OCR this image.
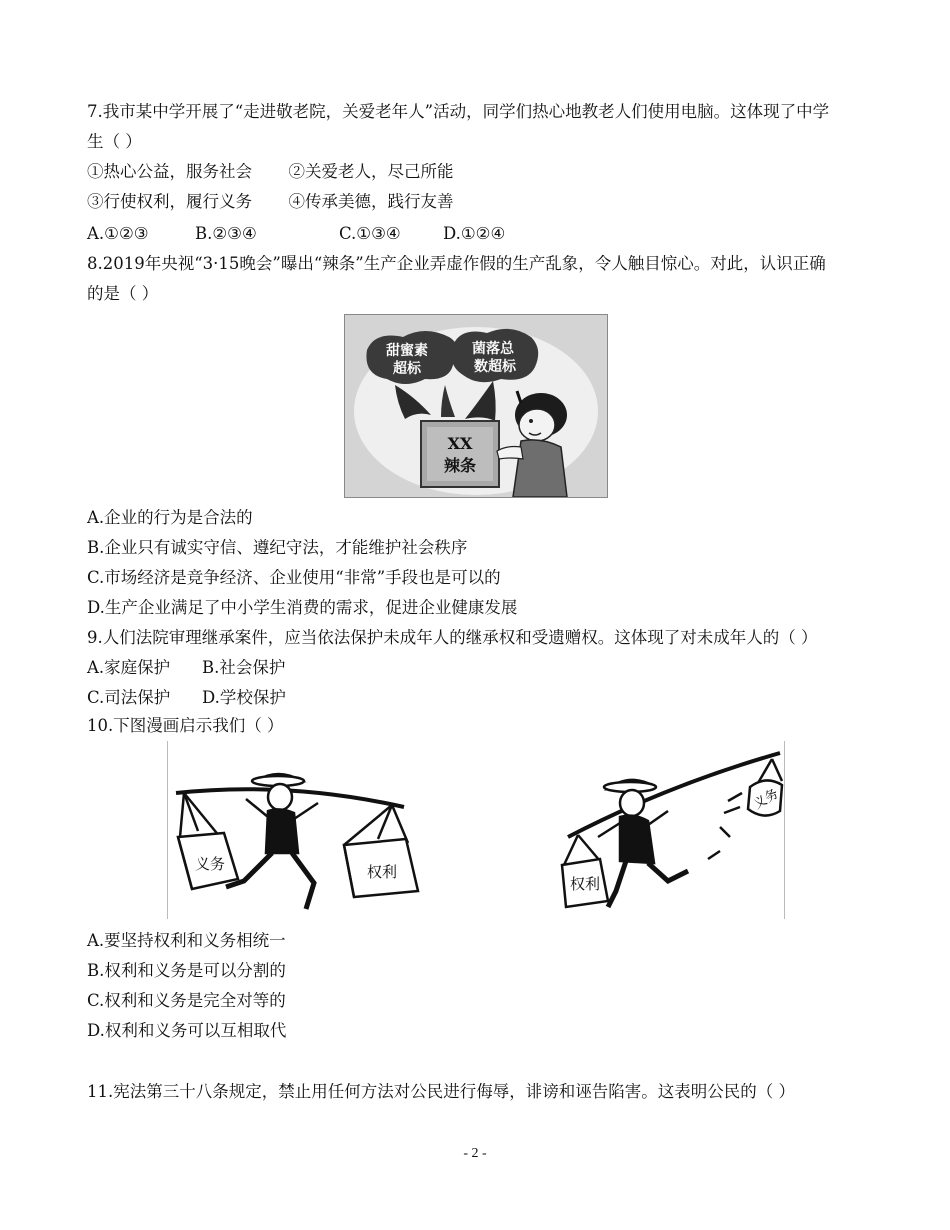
7.我市某中学开展了“走进敬老院，关爱老年人”活动，同学们热心地教老人们使用电脑。这体现了中学
生（ ）
①热心公益，服务社会 ②关爱老人，尽己所能
③行使权利，履行义务 ④传承美德，践行友善
A.①②③	B.②③④	C.①③④	D.①②④
8.2019年央视“3·15晚会”曝出“辣条”生产企业弄虚作假的生产乱象，令人触目惊心。对此，认识正确
的是（ ）
甜蜜素
超标
菌落总
数超标
XX
辣条
A.企业的行为是合法的
B.企业只有诚实守信、遵纪守法，才能维护社会秩序
C.市场经济是竞争经济、企业使用“非常”手段也是可以的
D.生产企业满足了中小学生消费的需求，促进企业健康发展
9.人们法院审理继承案件，应当依法保护未成年人的继承权和受遗赠权。这体现了对未成年人的（ ）
A.家庭保护 B.社会保护
C.司法保护 D.学校保护
10.下图漫画启示我们（ ）
义务	权利
权利
义务
A.要坚持权利和义务相统一
B.权利和义务是可以分割的
C.权利和义务是完全对等的
D.权利和义务可以互相取代
11.宪法第三十八条规定，禁止用任何方法对公民进行侮辱，诽谤和诬告陷害。这表明公民的（ ）
- 2 -
